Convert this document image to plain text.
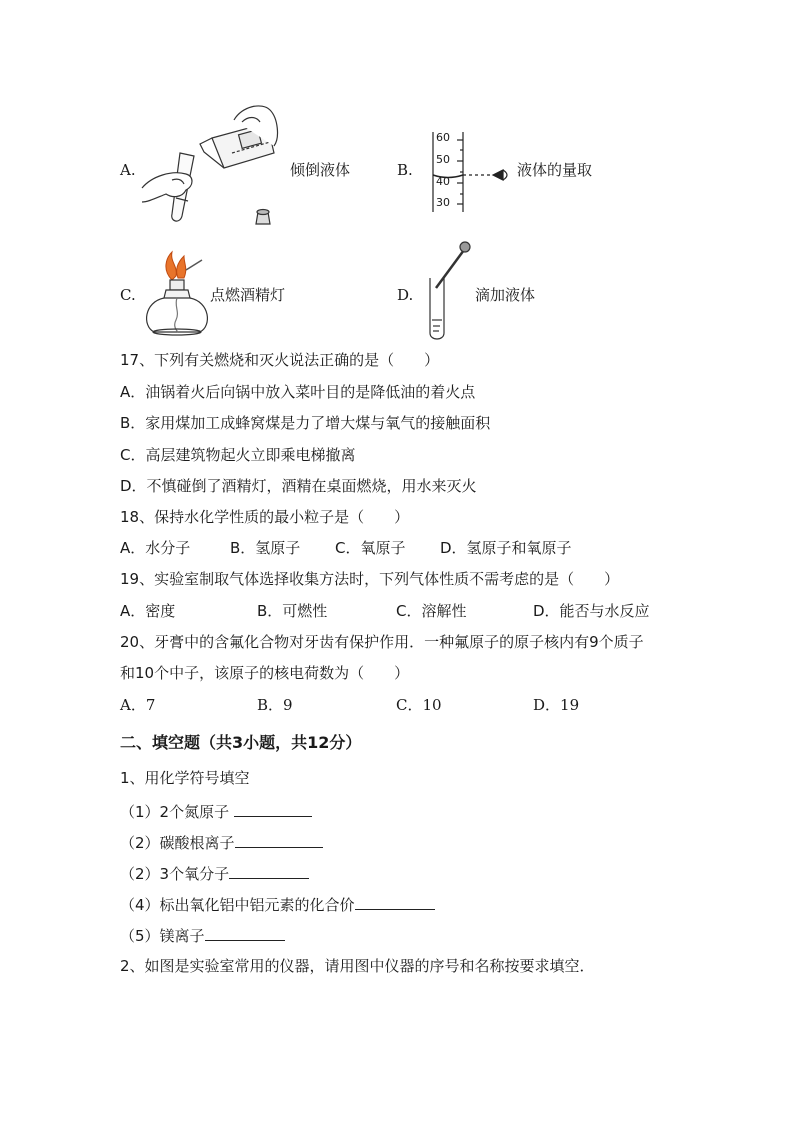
A.	倾倒液体	B.
60
50
40
30
液体的量取
C.	点燃酒精灯	D.	滴加液体
17、下列有关燃烧和灭火说法正确的是（　　）
A．油锅着火后向锅中放入菜叶目的是降低油的着火点
B．家用煤加工成蜂窝煤是力了增大煤与氧气的接触面积
C．高层建筑物起火立即乘电梯撤离
D．不慎碰倒了酒精灯，酒精在桌面燃烧，用水来灭火
18、保持水化学性质的最小粒子是（　　）
A．水分子	B．氢原子 C．氧原子 D．氢原子和氧原子
19、实验室制取气体选择收集方法时，下列气体性质不需考虑的是（　　）
A．密度	B．可燃性	C．溶解性	D．能否与水反应
20、牙膏中的含氟化合物对牙齿有保护作用．一种氟原子的原子核内有9个质子
和10个中子，该原子的核电荷数为（　　）
A．7	B．9	C．10	D．19
二、填空题（共3小题，共12分）
1、用化学符号填空
（1）2个氮原子
（2）碳酸根离子
（2）3个氧分子
（4）标出氧化铝中铝元素的化合价
（5）镁离子
2、如图是实验室常用的仪器，请用图中仪器的序号和名称按要求填空．
